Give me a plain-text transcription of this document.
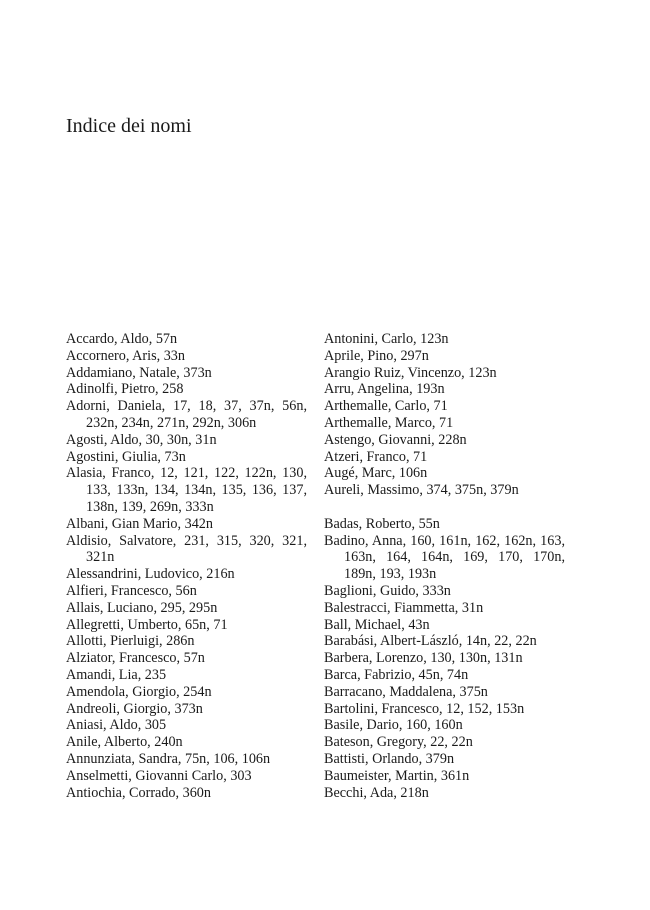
Indice dei nomi
Accardo, Aldo, 57n
Accornero, Aris, 33n
Addamiano, Natale, 373n
Adinolfi, Pietro, 258
Adorni, Daniela, 17, 18, 37, 37n, 56n, 232n, 234n, 271n, 292n, 306n
Agosti, Aldo, 30, 30n, 31n
Agostini, Giulia, 73n
Alasia, Franco, 12, 121, 122, 122n, 130, 133, 133n, 134, 134n, 135, 136, 137, 138n, 139, 269n, 333n
Albani, Gian Mario, 342n
Aldisio, Salvatore, 231, 315, 320, 321, 321n
Alessandrini, Ludovico, 216n
Alfieri, Francesco, 56n
Allais, Luciano, 295, 295n
Allegretti, Umberto, 65n, 71
Allotti, Pierluigi, 286n
Alziator, Francesco, 57n
Amandi, Lia, 235
Amendola, Giorgio, 254n
Andreoli, Giorgio, 373n
Aniasi, Aldo, 305
Anile, Alberto, 240n
Annunziata, Sandra, 75n, 106, 106n
Anselmetti, Giovanni Carlo, 303
Antiochia, Corrado, 360n
Antonini, Carlo, 123n
Aprile, Pino, 297n
Arangio Ruiz, Vincenzo, 123n
Arru, Angelina, 193n
Arthemalle, Carlo, 71
Arthemalle, Marco, 71
Astengo, Giovanni, 228n
Atzeri, Franco, 71
Augé, Marc, 106n
Aureli, Massimo, 374, 375n, 379n
Badas, Roberto, 55n
Badino, Anna, 160, 161n, 162, 162n, 163, 163n, 164, 164n, 169, 170, 170n, 189n, 193, 193n
Baglioni, Guido, 333n
Balestracci, Fiammetta, 31n
Ball, Michael, 43n
Barabási, Albert-László, 14n, 22, 22n
Barbera, Lorenzo, 130, 130n, 131n
Barca, Fabrizio, 45n, 74n
Barracano, Maddalena, 375n
Bartolini, Francesco, 12, 152, 153n
Basile, Dario, 160, 160n
Bateson, Gregory, 22, 22n
Battisti, Orlando, 379n
Baumeister, Martin, 361n
Becchi, Ada, 218n
